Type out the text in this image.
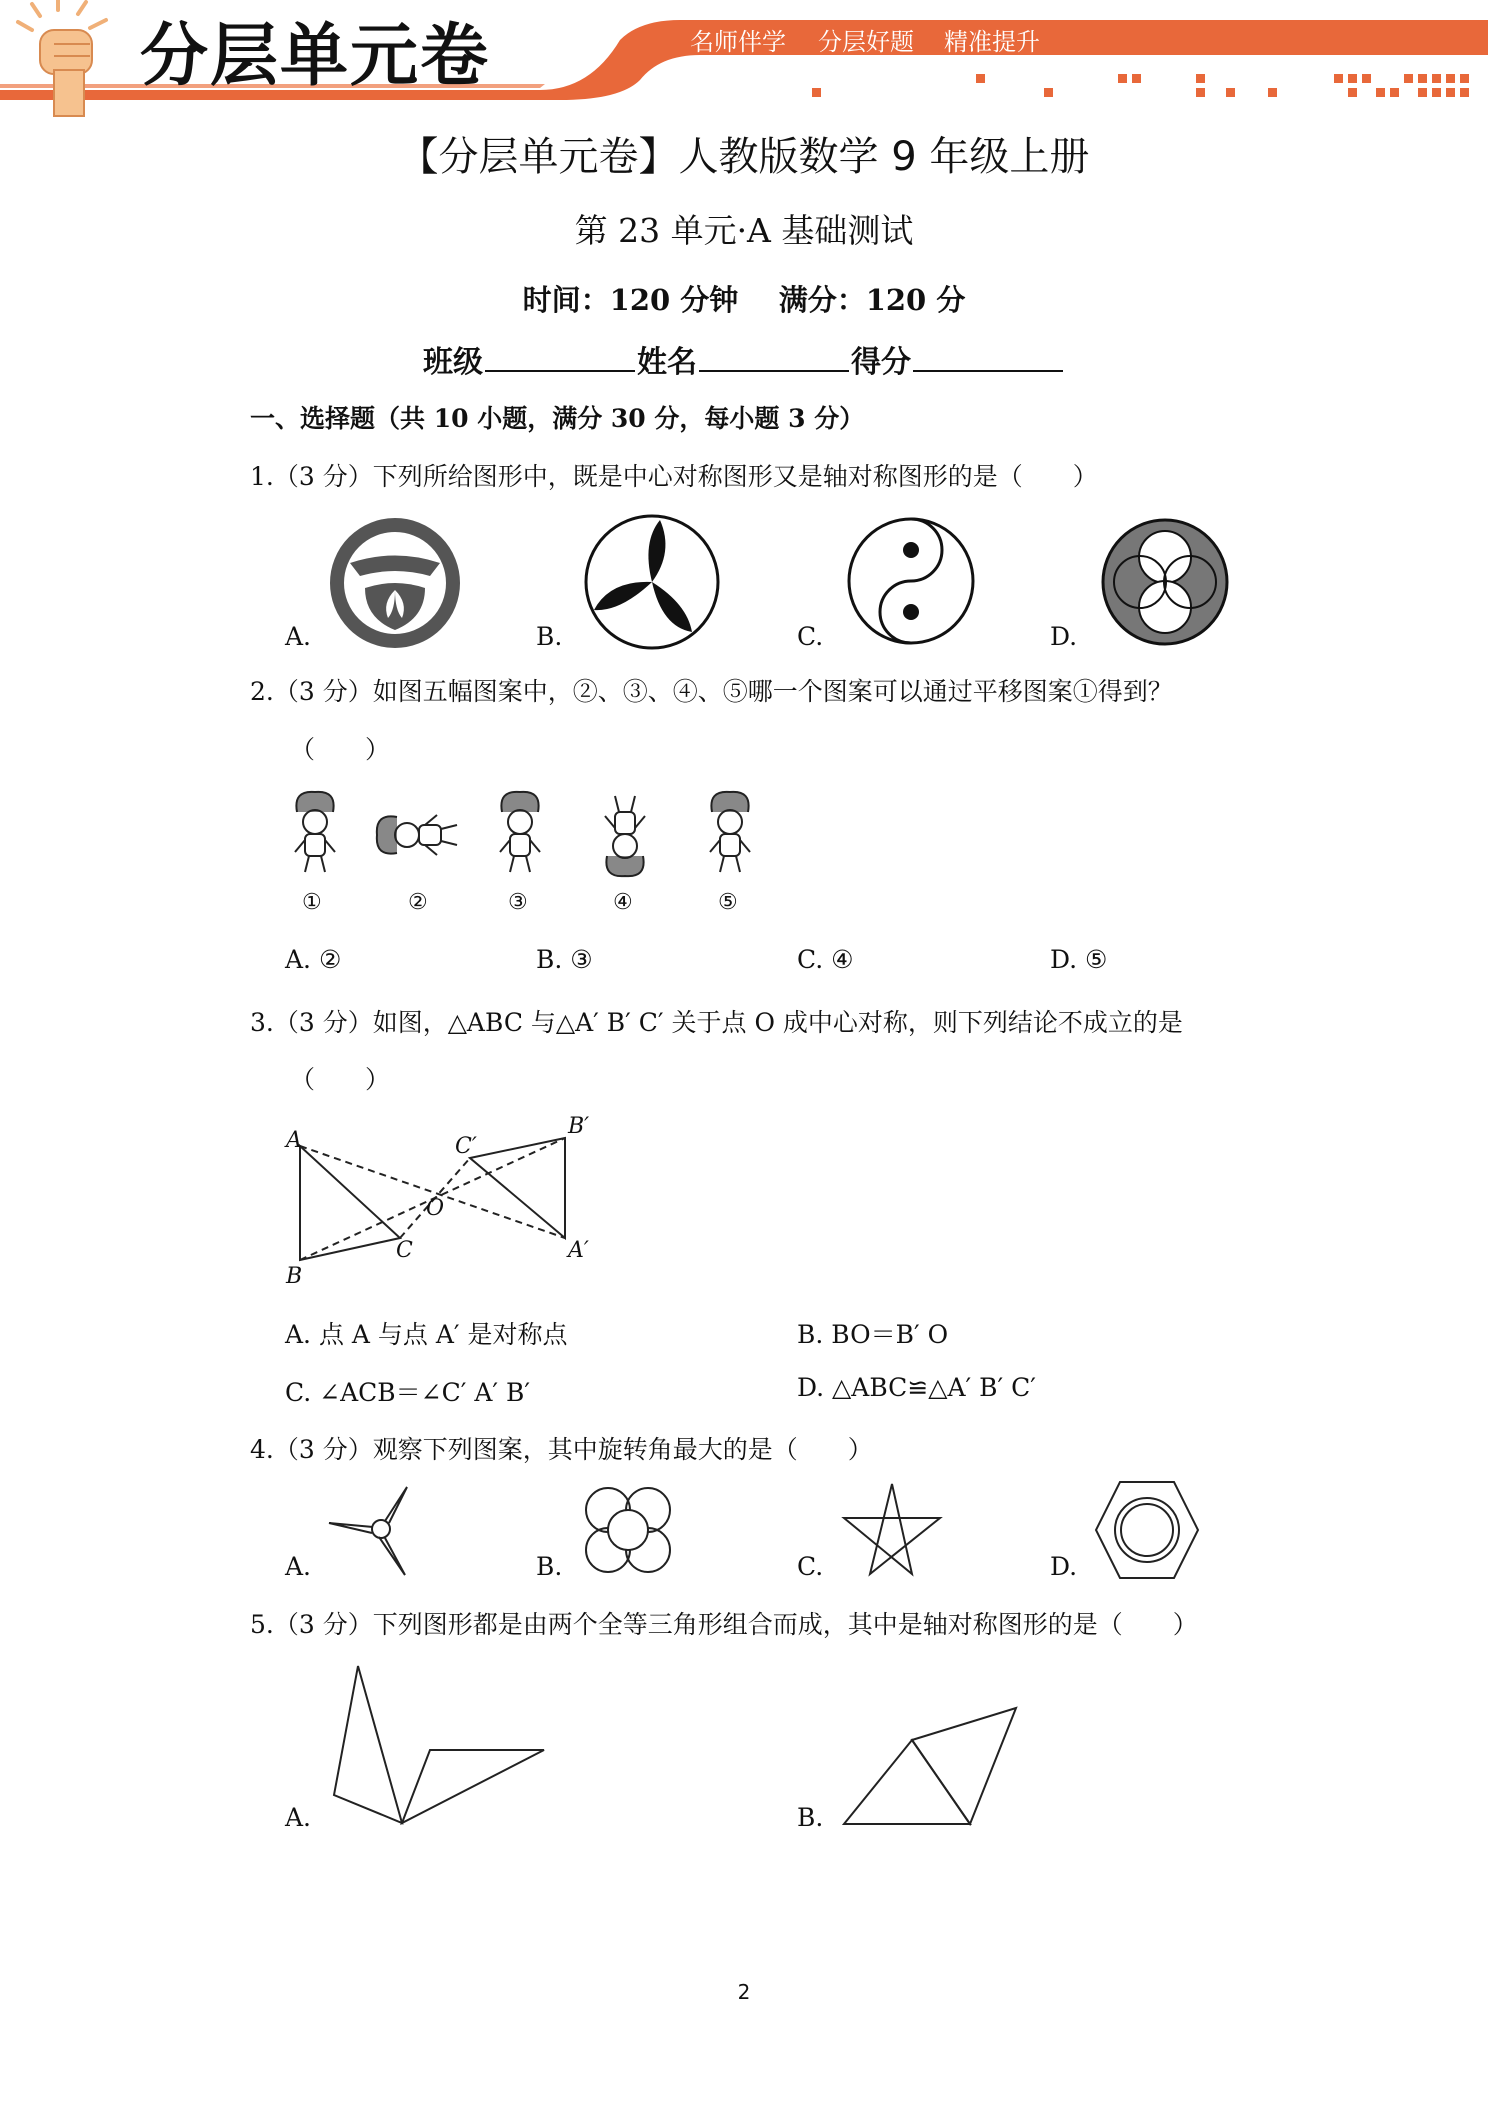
分层单元卷	名师伴学 分层好题 精准提升
【分层单元卷】人教版数学 9 年级上册
第 23 单元·A 基础测试
时间：120 分钟    满分：120 分
班级	姓名	得分
一、选择题（共 10 小题，满分 30 分，每小题 3 分）
1.（3 分）下列所给图形中，既是中心对称图形又是轴对称图形的是（　　）
A.	B.	C.	D.
2.（3 分）如图五幅图案中，②、③、④、⑤哪一个图案可以通过平移图案①得到？
（　　）
①	②	③	④	⑤
A. ②	B. ③	C. ④	D. ⑤
3.（3 分）如图，△ABC 与△A′ B′ C′ 关于点 O 成中心对称，则下列结论不成立的是
（　　）
A
B
C
O
A′
B′
C′
A. 点 A 与点 A′ 是对称点	B. BO＝B′ O
C. ∠ACB＝∠C′ A′ B′	D. △ABC≌△A′ B′ C′
4.（3 分）观察下列图案，其中旋转角最大的是（　　）
A.	B.	C.	D.
5.（3 分）下列图形都是由两个全等三角形组合而成，其中是轴对称图形的是（　　）
A.	B.
2
